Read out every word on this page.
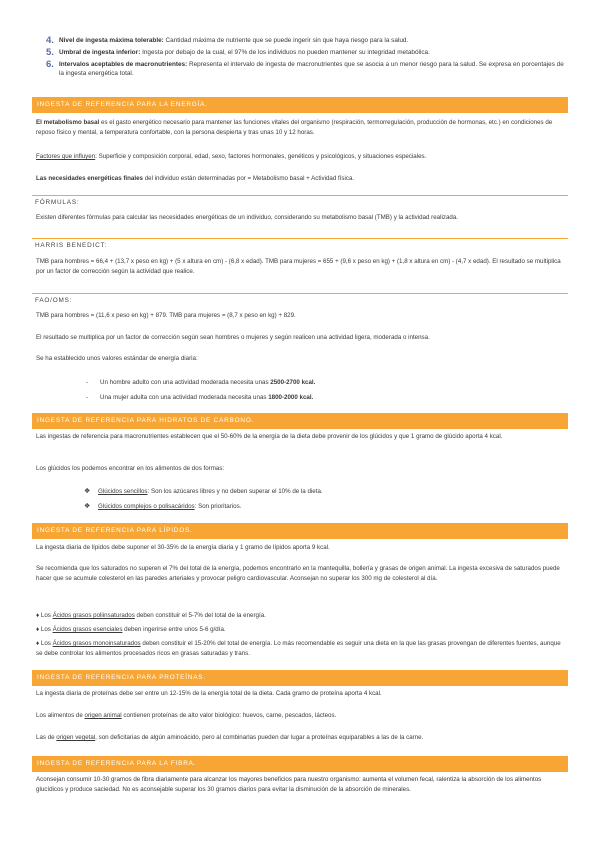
4. Nivel de ingesta máxima tolerable: Cantidad máxima de nutriente que se puede ingerir sin que haya riesgo para la salud.
5. Umbral de ingesta inferior: Ingesta por debajo de la cual, el 97% de los individuos no pueden mantener su integridad metabólica.
6. Intervalos aceptables de macronutrientes: Representa el intervalo de ingesta de macronutrientes que se asocia a un menor riesgo para la salud. Se expresa en porcentajes de la ingesta energética total.
INGESTA DE REFERENCIA PARA LA ENERGÍA.
El metabolismo basal es el gasto energético necesario para mantener las funciones vitales del organismo (respiración, termorregulación, producción de hormonas, etc.) en condiciones de reposo físico y mental, a temperatura confortable, con la persona despierta y tras unas 10 y 12 horas.
Factores que influyen: Superficie y composición corporal, edad, sexo, factores hormonales, genéticos y psicológicos, y situaciones especiales.
Las necesidades energéticas finales del individuo están determinadas por = Metabolismo basal + Actividad física.
FÓRMULAS:
Existen diferentes fórmulas para calcular las necesidades energéticas de un individuo, considerando su metabolismo basal (TMB) y la actividad realizada.
HARRIS BENEDICT:
TMB para hombres = 66,4 + (13,7 x peso en kg) + (5 x altura en cm) - (6,8 x edad). TMB para mujeres = 655 + (9,6 x peso en kg) + (1,8 x altura en cm) - (4,7 x edad). El resultado se multiplica por un factor de corrección según la actividad que realice.
FAO/OMS:
TMB para hombres = (11,6 x peso en kg) + 879. TMB para mujeres = (8,7 x peso en kg) + 829.
El resultado se multiplica por un factor de corrección según sean hombres o mujeres y según realicen una actividad ligera, moderada o intensa.
Se ha establecido unos valores estándar de energía diaria:
- Un hombre adulto con una actividad moderada necesita unas 2500-2700 kcal.
- Una mujer adulta con una actividad moderada necesita unas 1800-2000 kcal.
INGESTA DE REFERENCIA PARA HIDRATOS DE CARBONO.
Las ingestas de referencia para macronutrientes establecen que el 50-60% de la energía de la dieta debe provenir de los glúcidos y que 1 gramo de glúcido aporta 4 kcal.
Los glúcidos los podemos encontrar en los alimentos de dos formas:
❖ Glúcidos sencillos: Son los azúcares libres y no deben superar el 10% de la dieta.
❖ Glúcidos complejos o polisacáridos: Son prioritarios.
INGESTA DE REFERENCIA PARA LÍPIDOS.
La ingesta diaria de lípidos debe suponer el 30-35% de la energía diaria y 1 gramo de lípidos aporta 9 kcal.
Se recomienda que los saturados no superen el 7% del total de la energía, podemos encontrarlo en la mantequilla, bollería y grasas de origen animal. La ingesta excesiva de saturados puede hacer que se acumule colesterol en las paredes arteriales y provocar peligro cardiovascular. Aconsejan no superar los 300 mg de colesterol al día.
♦ Los Ácidos grasos poliinsaturados deben constituir el 5-7% del total de la energía.
♦ Los Ácidos grasos esenciales deben ingerirse entre unos 5-6 g/día.
♦ Los Ácidos grasos monoinsaturados deben constituir el 15-20% del total de energía. Lo más recomendable es seguir una dieta en la que las grasas provengan de diferentes fuentes, aunque se debe controlar los alimentos procesados ricos en grasas saturadas y trans.
INGESTA DE REFERENCIA PARA PROTEÍNAS.
La ingesta diaria de proteínas debe ser entre un 12-15% de la energía total de la dieta. Cada gramo de proteína aporta 4 kcal.
Los alimentos de origen animal contienen proteínas de alto valor biológico: huevos, carne, pescados, lácteos.
Las de origen vegetal, son deficitarias de algún aminoácido, pero al combinarlas pueden dar lugar a proteínas equiparables a las de la carne.
INGESTA DE REFERENCIA PARA LA FIBRA.
Aconsejan consumir 10-30 gramos de fibra diariamente para alcanzar los mayores beneficios para nuestro organismo: aumenta el volumen fecal, ralentiza la absorción de los alimentos glucídicos y produce saciedad. No es aconsejable superar los 30 gramos diarios para evitar la disminución de la absorción de minerales.
